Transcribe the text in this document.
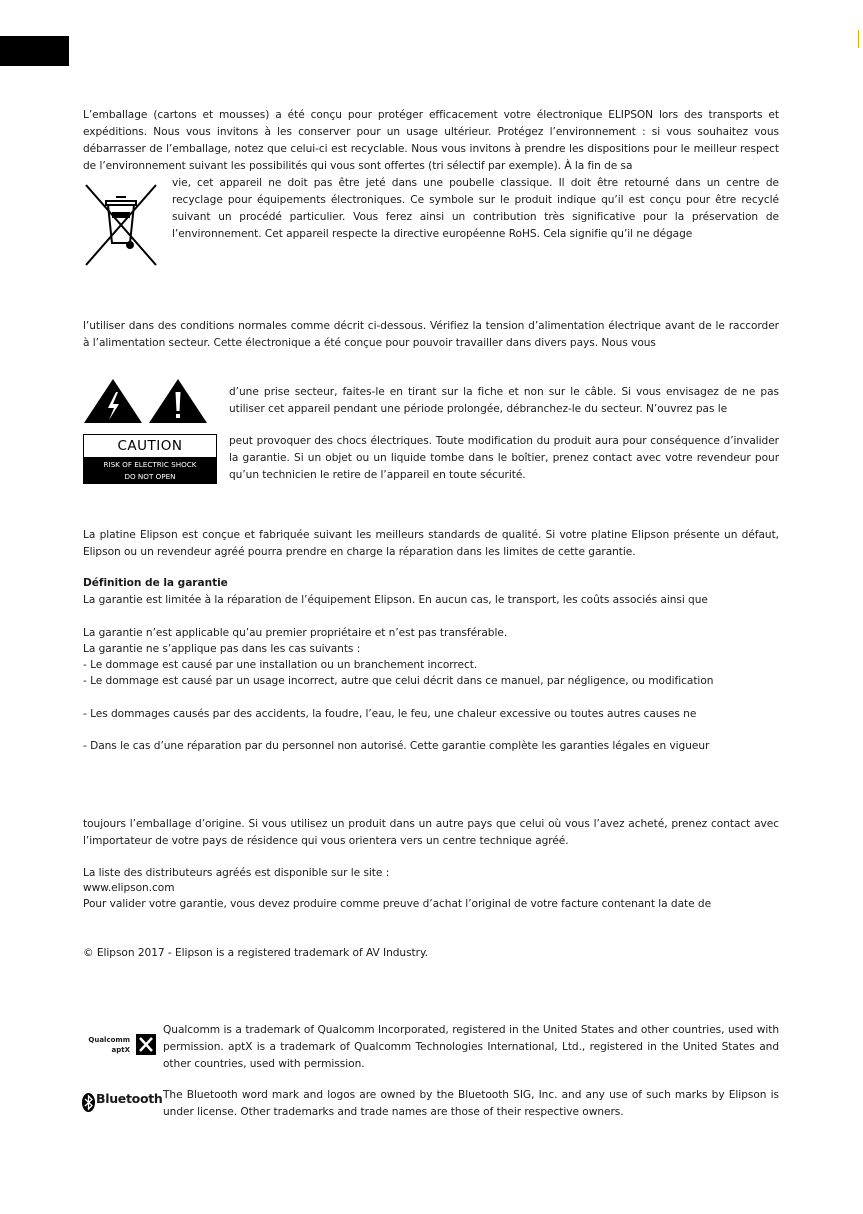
L’emballage (cartons et mousses) a été conçu pour protéger efficacement votre électronique ELIPSON lors des transports et expéditions. Nous vous invitons à les conserver pour un usage ultérieur. Protégez l’environnement : si vous souhaitez vous débarrasser de l’emballage, notez que celui-ci est recyclable. Nous vous invitons à prendre les dispositions pour le meilleur respect de l’environnement suivant les possibilités qui vous sont offertes (tri sélectif par exemple). À la fin de sa

vie, cet appareil ne doit pas être jeté dans une poubelle classique. Il doit être retourné dans un centre de recyclage pour équipements électroniques. Ce symbole sur le produit indique qu’il est conçu pour être recyclé suivant un procédé particulier. Vous ferez ainsi un contribution très significative pour la préservation de l’environnement. Cet appareil respecte la directive européenne RoHS. Cela signifie qu’il ne dégage

l’utiliser dans des conditions normales comme décrit ci-dessous. Vérifiez la tension d’alimentation électrique avant de le raccorder à l’alimentation secteur. Cette électronique a été conçue pour pouvoir travailler dans divers pays. Nous vous

CAUTION
RISK OF ELECTRIC SHOCK
DO NOT OPEN

d’une prise secteur, faites-le en tirant sur la fiche et non sur le câble. Si vous envisagez de ne pas utiliser cet appareil pendant une période prolongée, débranchez-le du secteur. N’ouvrez pas le

peut provoquer des chocs électriques. Toute modification du produit aura pour conséquence d’invalider la garantie. Si un objet ou un liquide tombe dans le boîtier, prenez contact avec votre revendeur pour qu’un technicien le retire de l’appareil en toute sécurité.

La platine Elipson est conçue et fabriquée suivant les meilleurs standards de qualité. Si votre platine Elipson présente un défaut, Elipson ou un revendeur agréé pourra prendre en charge la réparation dans les limites de cette garantie.

Définition de la garantie

La garantie est limitée à la réparation de l’équipement Elipson. En aucun cas, le transport, les coûts associés ainsi que

La garantie n’est applicable qu’au premier propriétaire et n’est pas transférable.

La garantie ne s’applique pas dans les cas suivants :

- Le dommage est causé par une installation ou un branchement incorrect.

- Le dommage est causé par un usage incorrect, autre que celui décrit dans ce manuel, par négligence, ou modification

- Les dommages causés par des accidents, la foudre, l’eau, le feu, une chaleur excessive ou toutes autres causes ne

- Dans le cas d’une réparation par du personnel non autorisé. Cette garantie complète les garanties légales en vigueur

toujours l’emballage d’origine. Si vous utilisez un produit dans un autre pays que celui où vous l’avez acheté, prenez contact avec l’importateur de votre pays de résidence qui vous orientera vers un centre technique agréé.

La liste des distributeurs agréés est disponible sur le site :

www.elipson.com

Pour valider votre garantie, vous devez produire comme preuve d’achat l’original de votre facture contenant la date de

© Elipson 2017 - Elipson is a registered trademark of AV Industry.

Qualcomm
aptX

Qualcomm is a trademark of Qualcomm Incorporated, registered in the United States and other countries, used with permission. aptX is a trademark of Qualcomm Technologies International, Ltd., registered in the United States and other countries, used with permission.

Bluetooth The Bluetooth word mark and logos are owned by the Bluetooth SIG, Inc. and any use of such marks by Elipson is under license. Other trademarks and trade names are those of their respective owners.
